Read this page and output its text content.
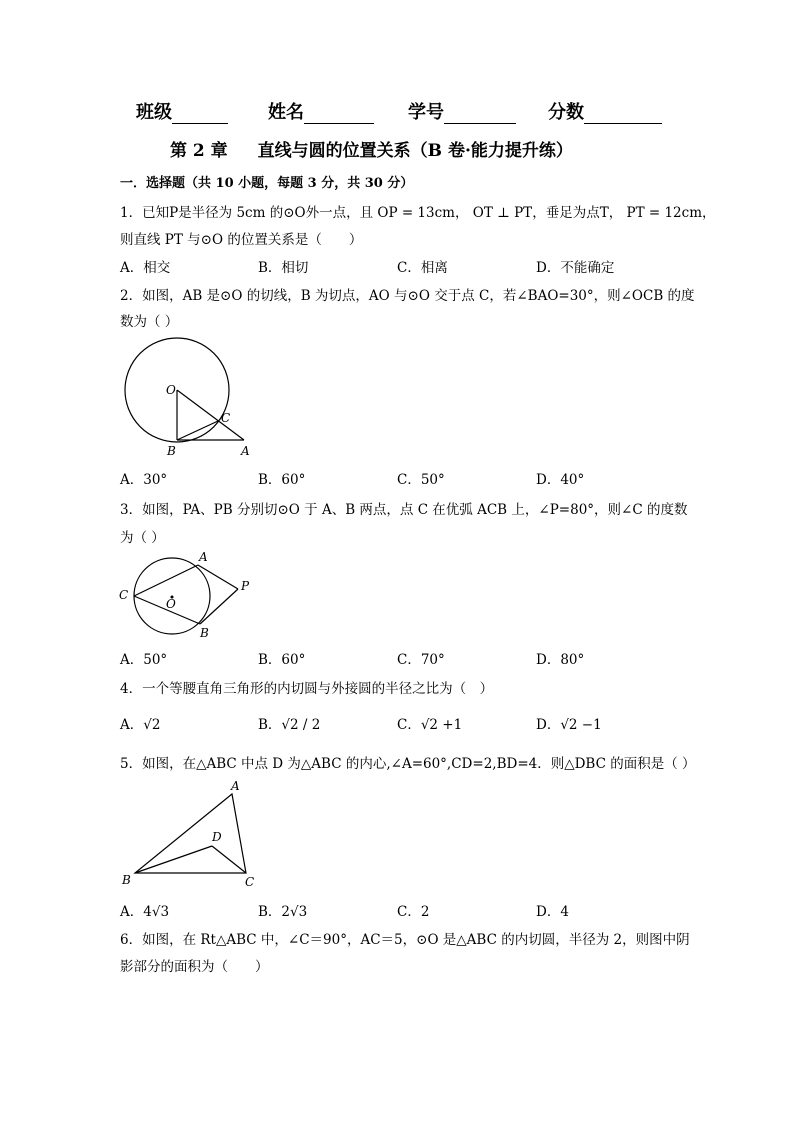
班级	姓名	学号	分数
第 2 章 直线与圆的位置关系（B 卷·能力提升练）
一．选择题（共 10 小题，每题 3 分，共 30 分）
1．已知P是半径为 5cm 的⊙O外一点，且 OP = 13cm， OT ⊥ PT，垂足为点T， PT = 12cm，
则直线 PT 与⊙O 的位置关系是（　　）
A．相交	B．相切	C．相离	D．不能确定
2．如图，AB 是⊙O 的切线，B 为切点，AO 与⊙O 交于点 C，若∠BAO=30°，则∠OCB 的度
数为（ ）
O
C
B	A
A．30°	B．60°	C．50°	D．40°
3．如图，PA、PB 分别切⊙O 于 A、B 两点，点 C 在优弧 ACB 上，∠P=80°，则∠C 的度数
为（ ）
A
P
C
O
B
A．50°	B．60°	C．70°	D．80°
4．一个等腰直角三角形的内切圆与外接圆的半径之比为（　）
A．√2	B．√2 / 2	C．√2 +1	D．√2 −1
5．如图，在△ABC 中点 D 为△ABC 的内心,∠A=60°,CD=2,BD=4．则△DBC 的面积是（ ）
A
D
B	C
A．4√3	B．2√3	C．2	D．4
6．如图，在 Rt△ABC 中，∠C＝90°，AC＝5，⊙O 是△ABC 的内切圆，半径为 2，则图中阴
影部分的面积为（　　）
